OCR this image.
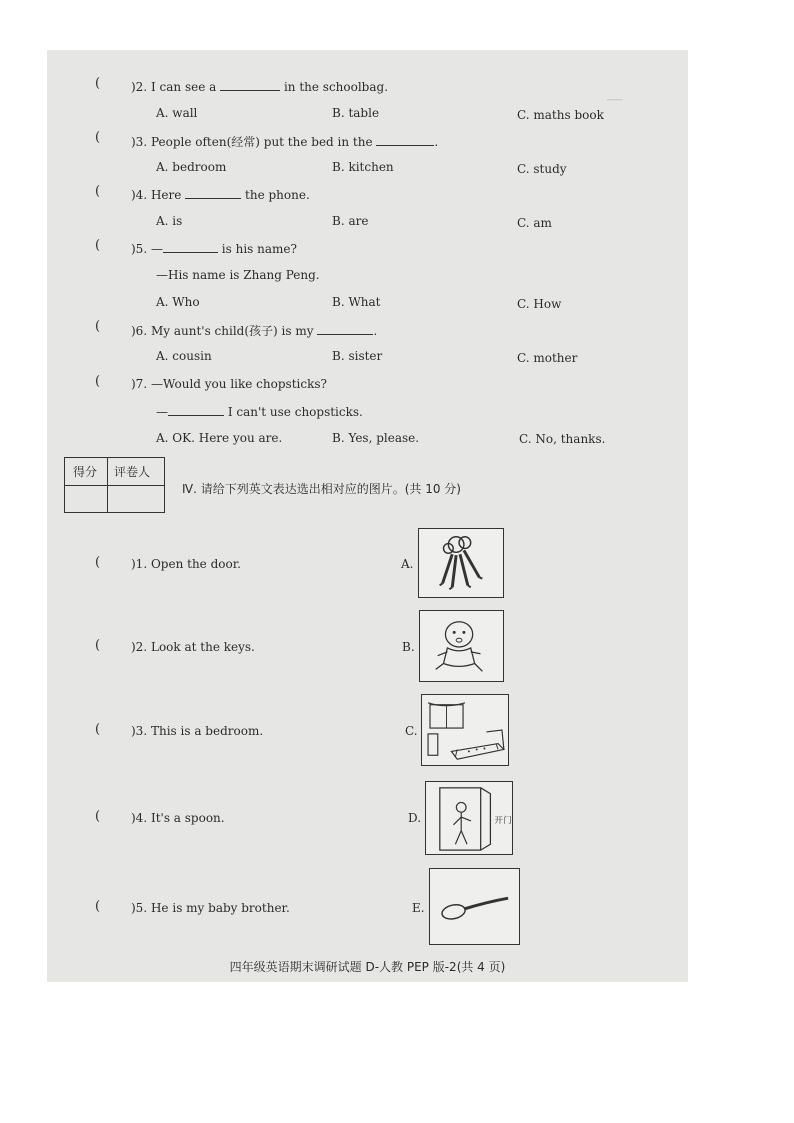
___
(	)2. I can see a	in the schoolbag.
A. wall	B. table	C. maths book
(	)3. People often(经常) put the bed in the	.
A. bedroom	B. kitchen	C. study
(	)4. Here	the phone.
A. is	B. are	C. am
(	)5. —	is his name?
—His name is Zhang Peng.
A. Who	B. What	C. How
(	)6. My aunt's child(孩子) is my	.
A. cousin	B. sister	C. mother
(	)7. —Would you like chopsticks?
—	I can't use chopsticks.
A. OK. Here you are.	B. Yes, please.	C. No, thanks.
得分 评卷人
Ⅳ. 请给下列英文表达选出相对应的图片。(共 10 分)
(	)1. Open the door.
(	)2. Look at the keys.
(	)3. This is a bedroom.
(	)4. It's a spoon.
(	)5. He is my baby brother.
A.
B.
C.
D.	开门
E.
四年级英语期末调研试题 D-人教 PEP 版-2(共 4 页)
